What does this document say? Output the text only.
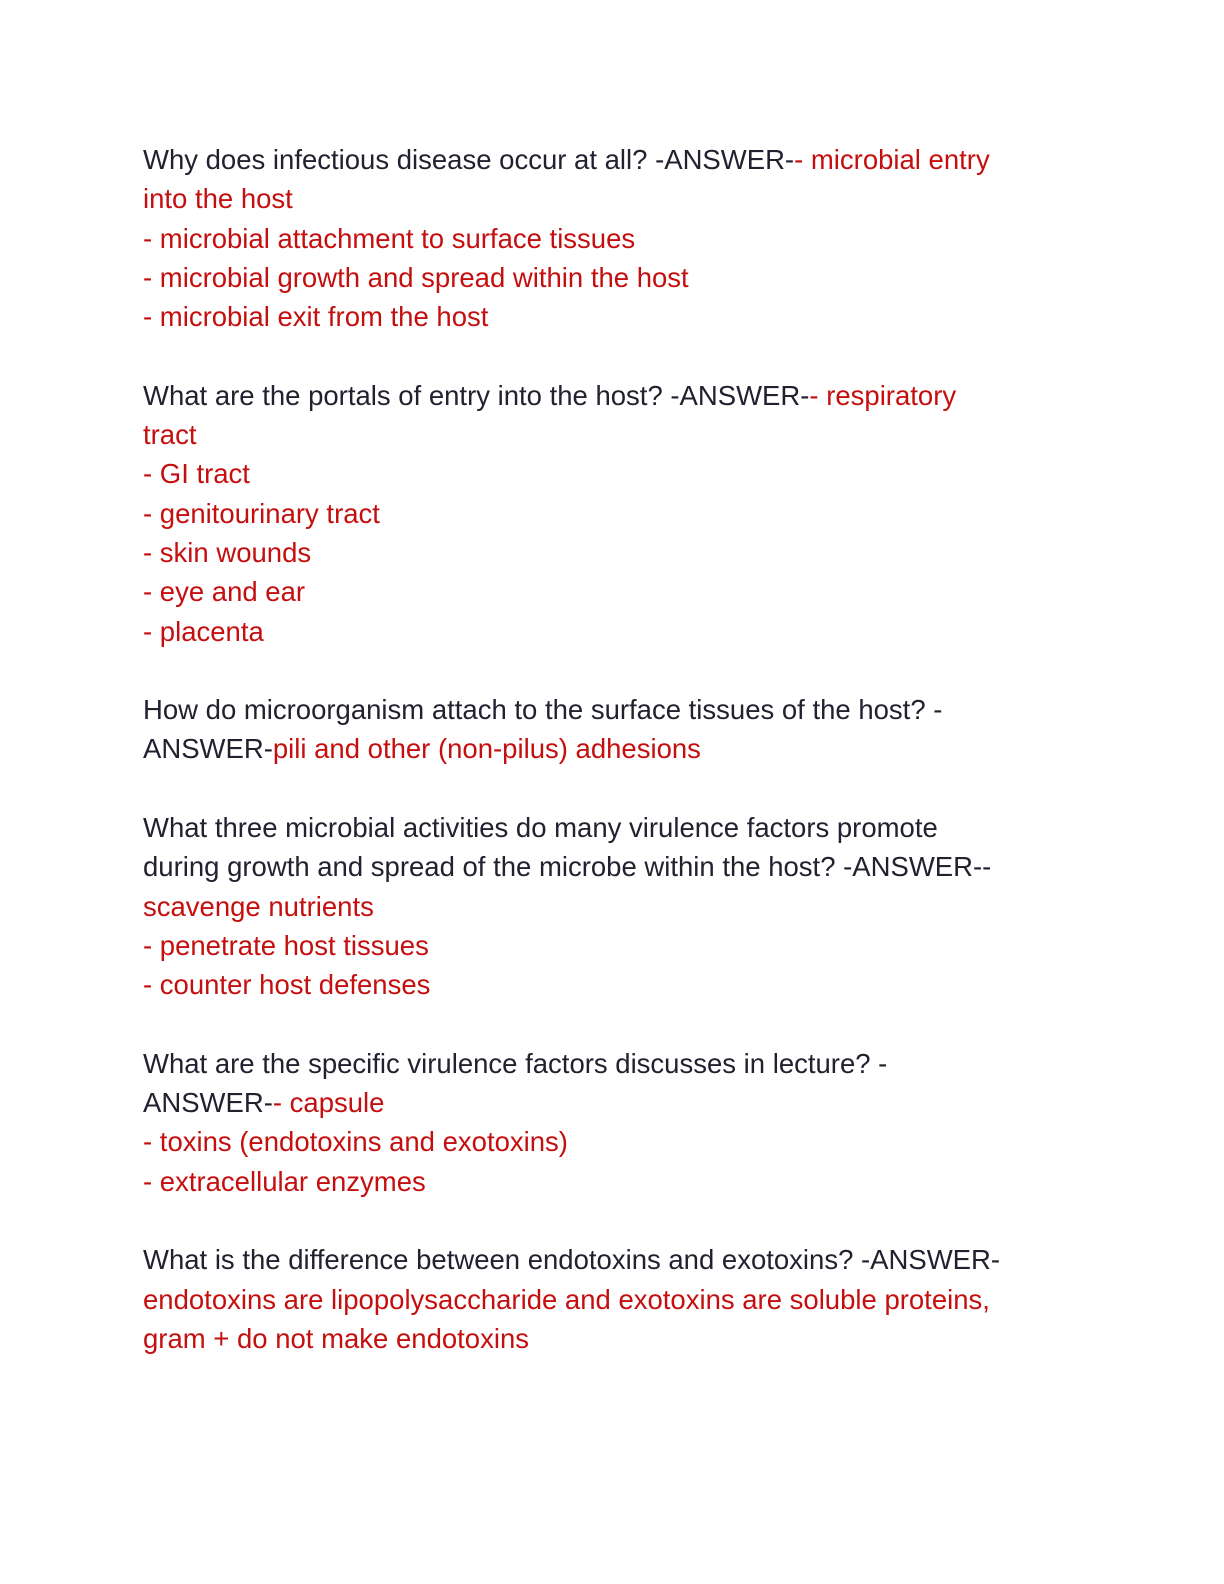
Why does infectious disease occur at all? -ANSWER-- microbial entry
into the host
- microbial attachment to surface tissues
- microbial growth and spread within the host
- microbial exit from the host
What are the portals of entry into the host? -ANSWER-- respiratory
tract
- GI tract
- genitourinary tract
- skin wounds
- eye and ear
- placenta
How do microorganism attach to the surface tissues of the host? -
ANSWER-pili and other (non-pilus) adhesions
What three microbial activities do many virulence factors promote
during growth and spread of the microbe within the host? -ANSWER--
scavenge nutrients
- penetrate host tissues
- counter host defenses
What are the specific virulence factors discusses in lecture? -
ANSWER-- capsule
- toxins (endotoxins and exotoxins)
- extracellular enzymes
What is the difference between endotoxins and exotoxins? -ANSWER-
endotoxins are lipopolysaccharide and exotoxins are soluble proteins,
gram + do not make endotoxins
